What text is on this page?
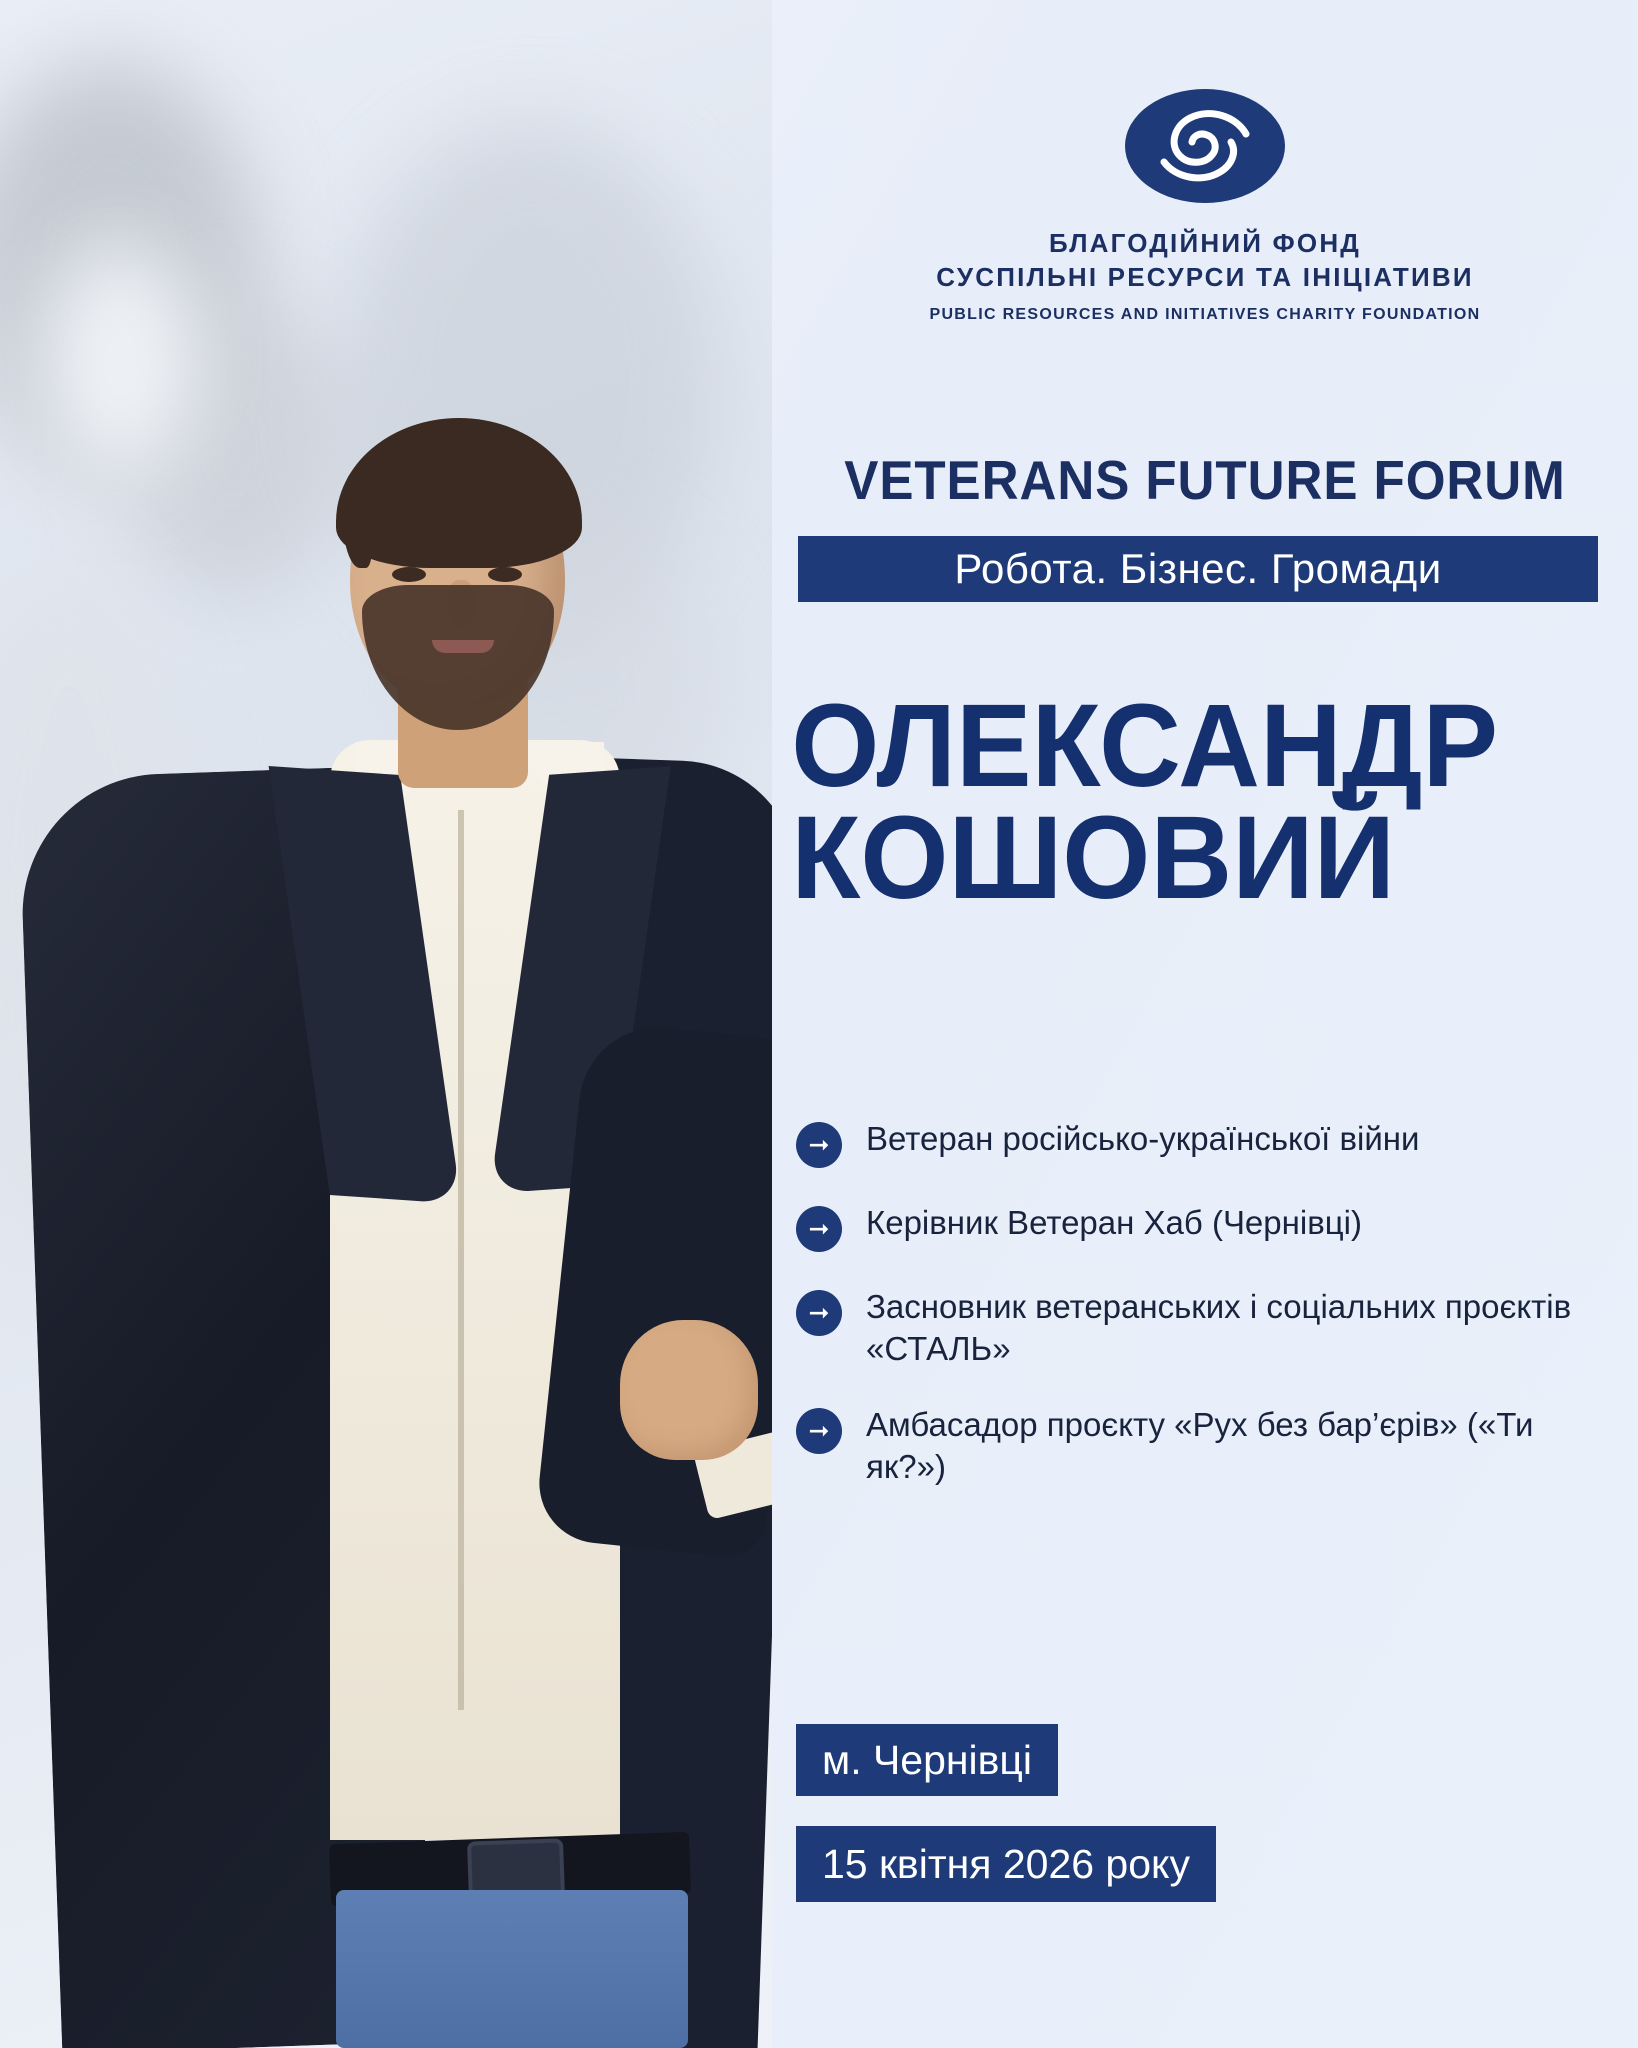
БЛАГОДІЙНИЙ ФОНД
СУСПІЛЬНІ РЕСУРСИ ТА ІНІЦІАТИВИ
PUBLIC RESOURCES AND INITIATIVES CHARITY FOUNDATION
VETERANS FUTURE FORUM
Робота. Бізнес. Громади
ОЛЕКСАНДР
КОШОВИЙ
➞	Ветеран російсько-української війни
➞	Керівник Ветеран Хаб (Чернівці)
➞	Засновник ветеранських і соціальних проєктів «СТАЛЬ»
➞	Амбасадор проєкту «Рух без бар’єрів» («Ти як?»)
м. Чернівці
15 квітня 2026 року
